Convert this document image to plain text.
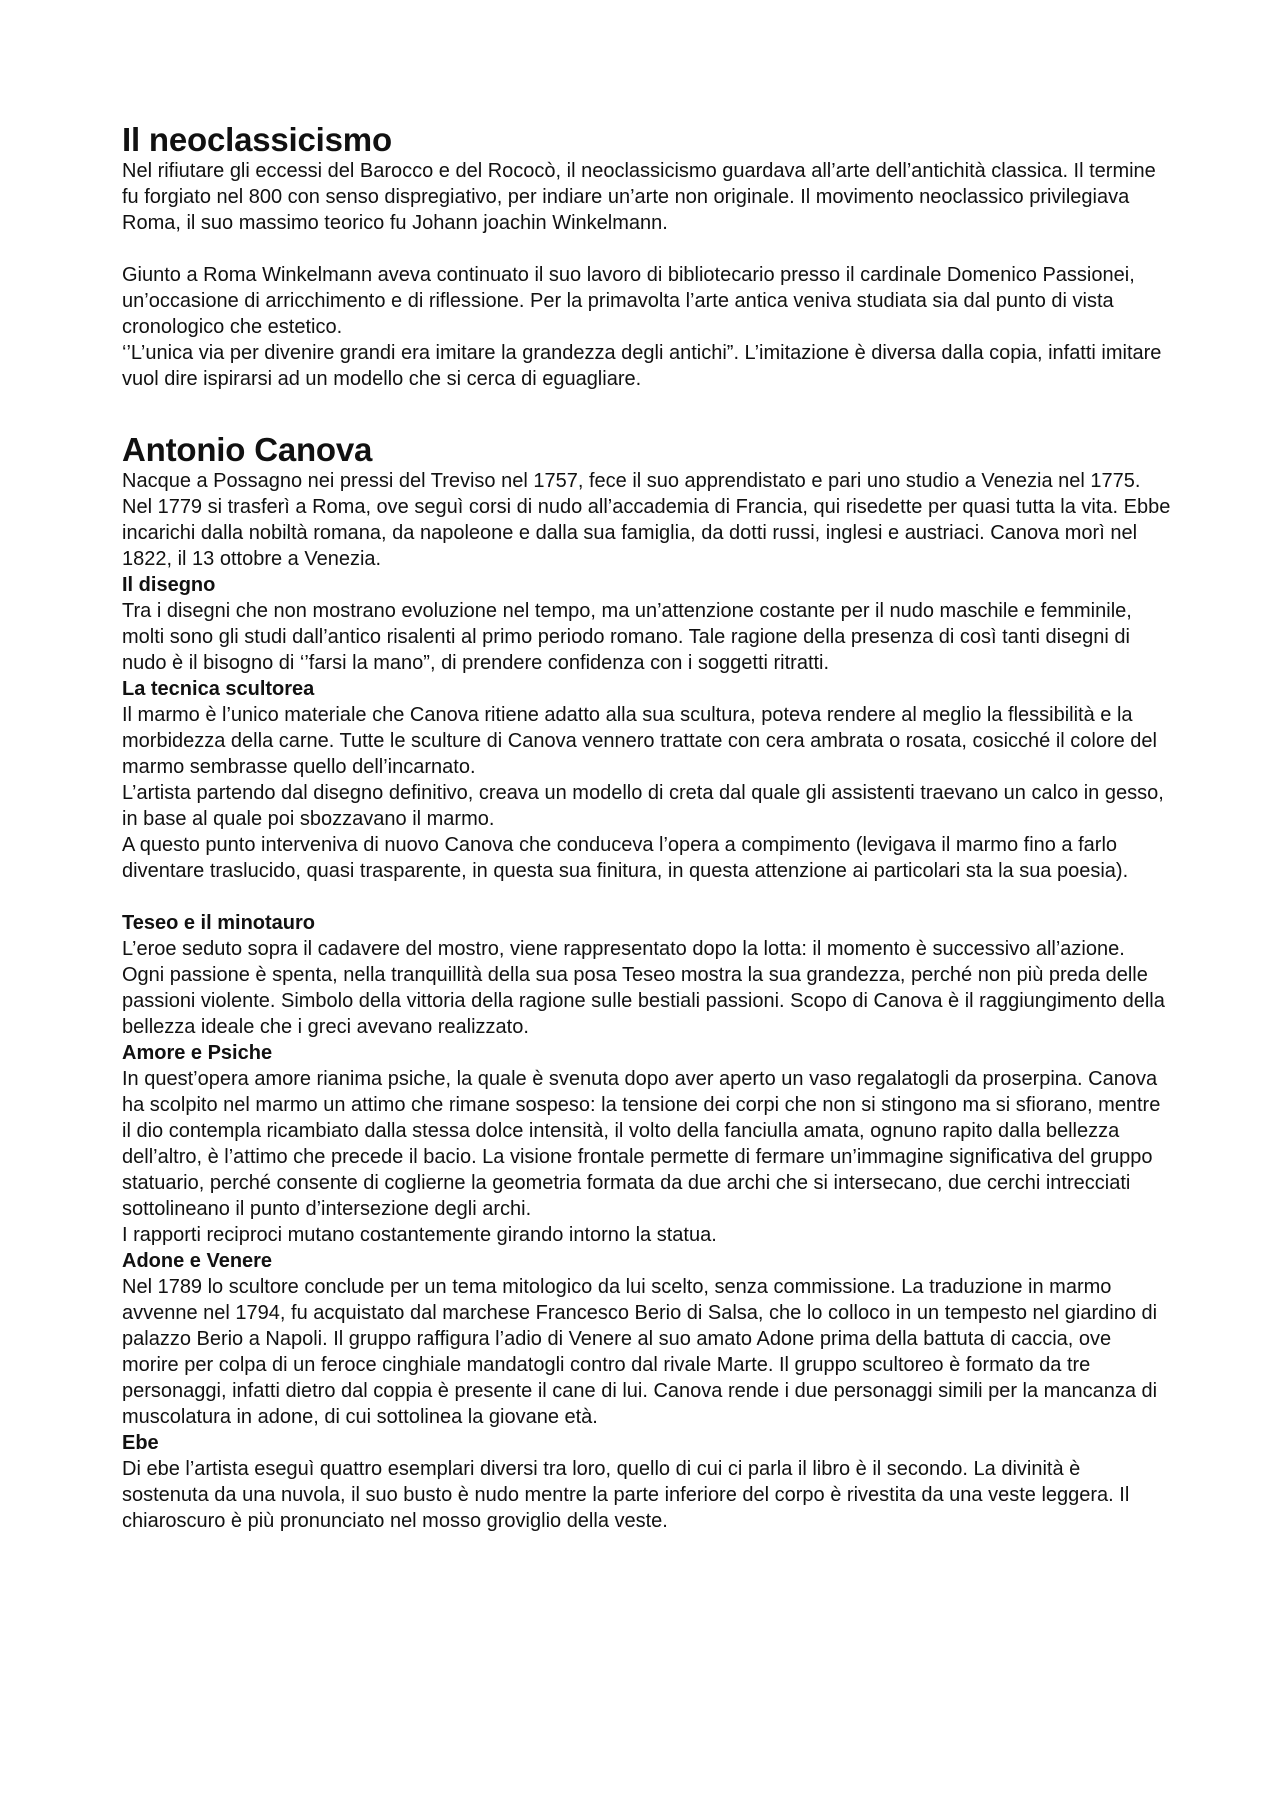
Il neoclassicismo

Nel rifiutare gli eccessi del Barocco e del Rococò, il neoclassicismo guardava all’arte dell’antichità classica. Il termine fu forgiato nel 800 con senso dispregiativo, per indiare un’arte non originale. Il movimento neoclassico privilegiava Roma, il suo massimo teorico fu Johann joachin Winkelmann.

Giunto a Roma Winkelmann aveva continuato il suo lavoro di bibliotecario presso il cardinale Domenico Passionei, un’occasione di arricchimento e di riflessione. Per la primavolta l’arte antica veniva studiata sia dal punto di vista cronologico che estetico.

‘’L’unica via per divenire grandi era imitare la grandezza degli antichi”. L’imitazione è diversa dalla copia, infatti imitare vuol dire ispirarsi ad un modello che si cerca di eguagliare.

Antonio Canova

Nacque a Possagno nei pressi del Treviso nel 1757, fece il suo apprendistato e pari uno studio a Venezia nel 1775. Nel 1779 si trasferì a Roma, ove seguì corsi di nudo all’accademia di Francia, qui risedette per quasi tutta la vita. Ebbe incarichi dalla nobiltà romana, da napoleone e dalla sua famiglia, da dotti russi, inglesi e austriaci. Canova morì nel 1822, il 13 ottobre a Venezia.

Il disegno

Tra i disegni che non mostrano evoluzione nel tempo, ma un’attenzione costante per il nudo maschile e femminile, molti sono gli studi dall’antico risalenti al primo periodo romano. Tale ragione della presenza di così tanti disegni di nudo è il bisogno di ‘’farsi la mano”, di prendere confidenza con i soggetti ritratti.

La tecnica scultorea

Il marmo è l’unico materiale che Canova ritiene adatto alla sua scultura, poteva rendere al meglio la flessibilità e la morbidezza della carne. Tutte le sculture di Canova vennero trattate con cera ambrata o rosata, cosicché il colore del marmo sembrasse quello dell’incarnato.

L’artista partendo dal disegno definitivo, creava un modello di creta dal quale gli assistenti traevano un calco in gesso, in base al quale poi sbozzavano il marmo.

A questo punto interveniva di nuovo Canova che conduceva l’opera a compimento (levigava il marmo fino a farlo diventare traslucido, quasi trasparente, in questa sua finitura, in questa attenzione ai particolari sta la sua poesia).

Teseo e il minotauro

L’eroe seduto sopra il cadavere del mostro, viene rappresentato dopo la lotta: il momento è successivo all’azione. Ogni passione è spenta, nella tranquillità della sua posa Teseo mostra la sua grandezza, perché non più preda delle passioni violente. Simbolo della vittoria della ragione sulle bestiali passioni. Scopo di Canova è il raggiungimento della bellezza ideale che i greci avevano realizzato.

Amore e Psiche

In quest’opera amore rianima psiche, la quale è svenuta dopo aver aperto un vaso regalatogli da proserpina. Canova ha scolpito nel marmo un attimo che rimane sospeso: la tensione dei corpi che non si stingono ma si sfiorano, mentre il dio contempla ricambiato dalla stessa dolce intensità, il volto della fanciulla amata, ognuno rapito dalla bellezza dell’altro, è l’attimo che precede il bacio. La visione frontale permette di fermare un’immagine significativa del gruppo statuario, perché consente di coglierne la geometria formata da due archi che si intersecano, due cerchi intrecciati sottolineano il punto d’intersezione degli archi.

I rapporti reciproci mutano costantemente girando intorno la statua.

Adone e Venere

Nel 1789 lo scultore conclude per un tema mitologico da lui scelto, senza commissione. La traduzione in marmo avvenne nel 1794, fu acquistato dal marchese Francesco Berio di Salsa, che lo colloco in un tempesto nel giardino di palazzo Berio a Napoli. Il gruppo raffigura l’adio di Venere al suo amato Adone prima della battuta di caccia, ove morire per colpa di un feroce cinghiale mandatogli contro dal rivale Marte. Il gruppo scultoreo è formato da tre personaggi, infatti dietro dal coppia è presente il cane di lui. Canova rende i due personaggi simili per la mancanza di muscolatura in adone, di cui sottolinea la giovane età.

Ebe

Di ebe l’artista eseguì quattro esemplari diversi tra loro, quello di cui ci parla il libro è il secondo. La divinità è sostenuta da una nuvola, il suo busto è nudo mentre la parte inferiore del corpo è rivestita da una veste leggera. Il chiaroscuro è più pronunciato nel mosso groviglio della veste.
